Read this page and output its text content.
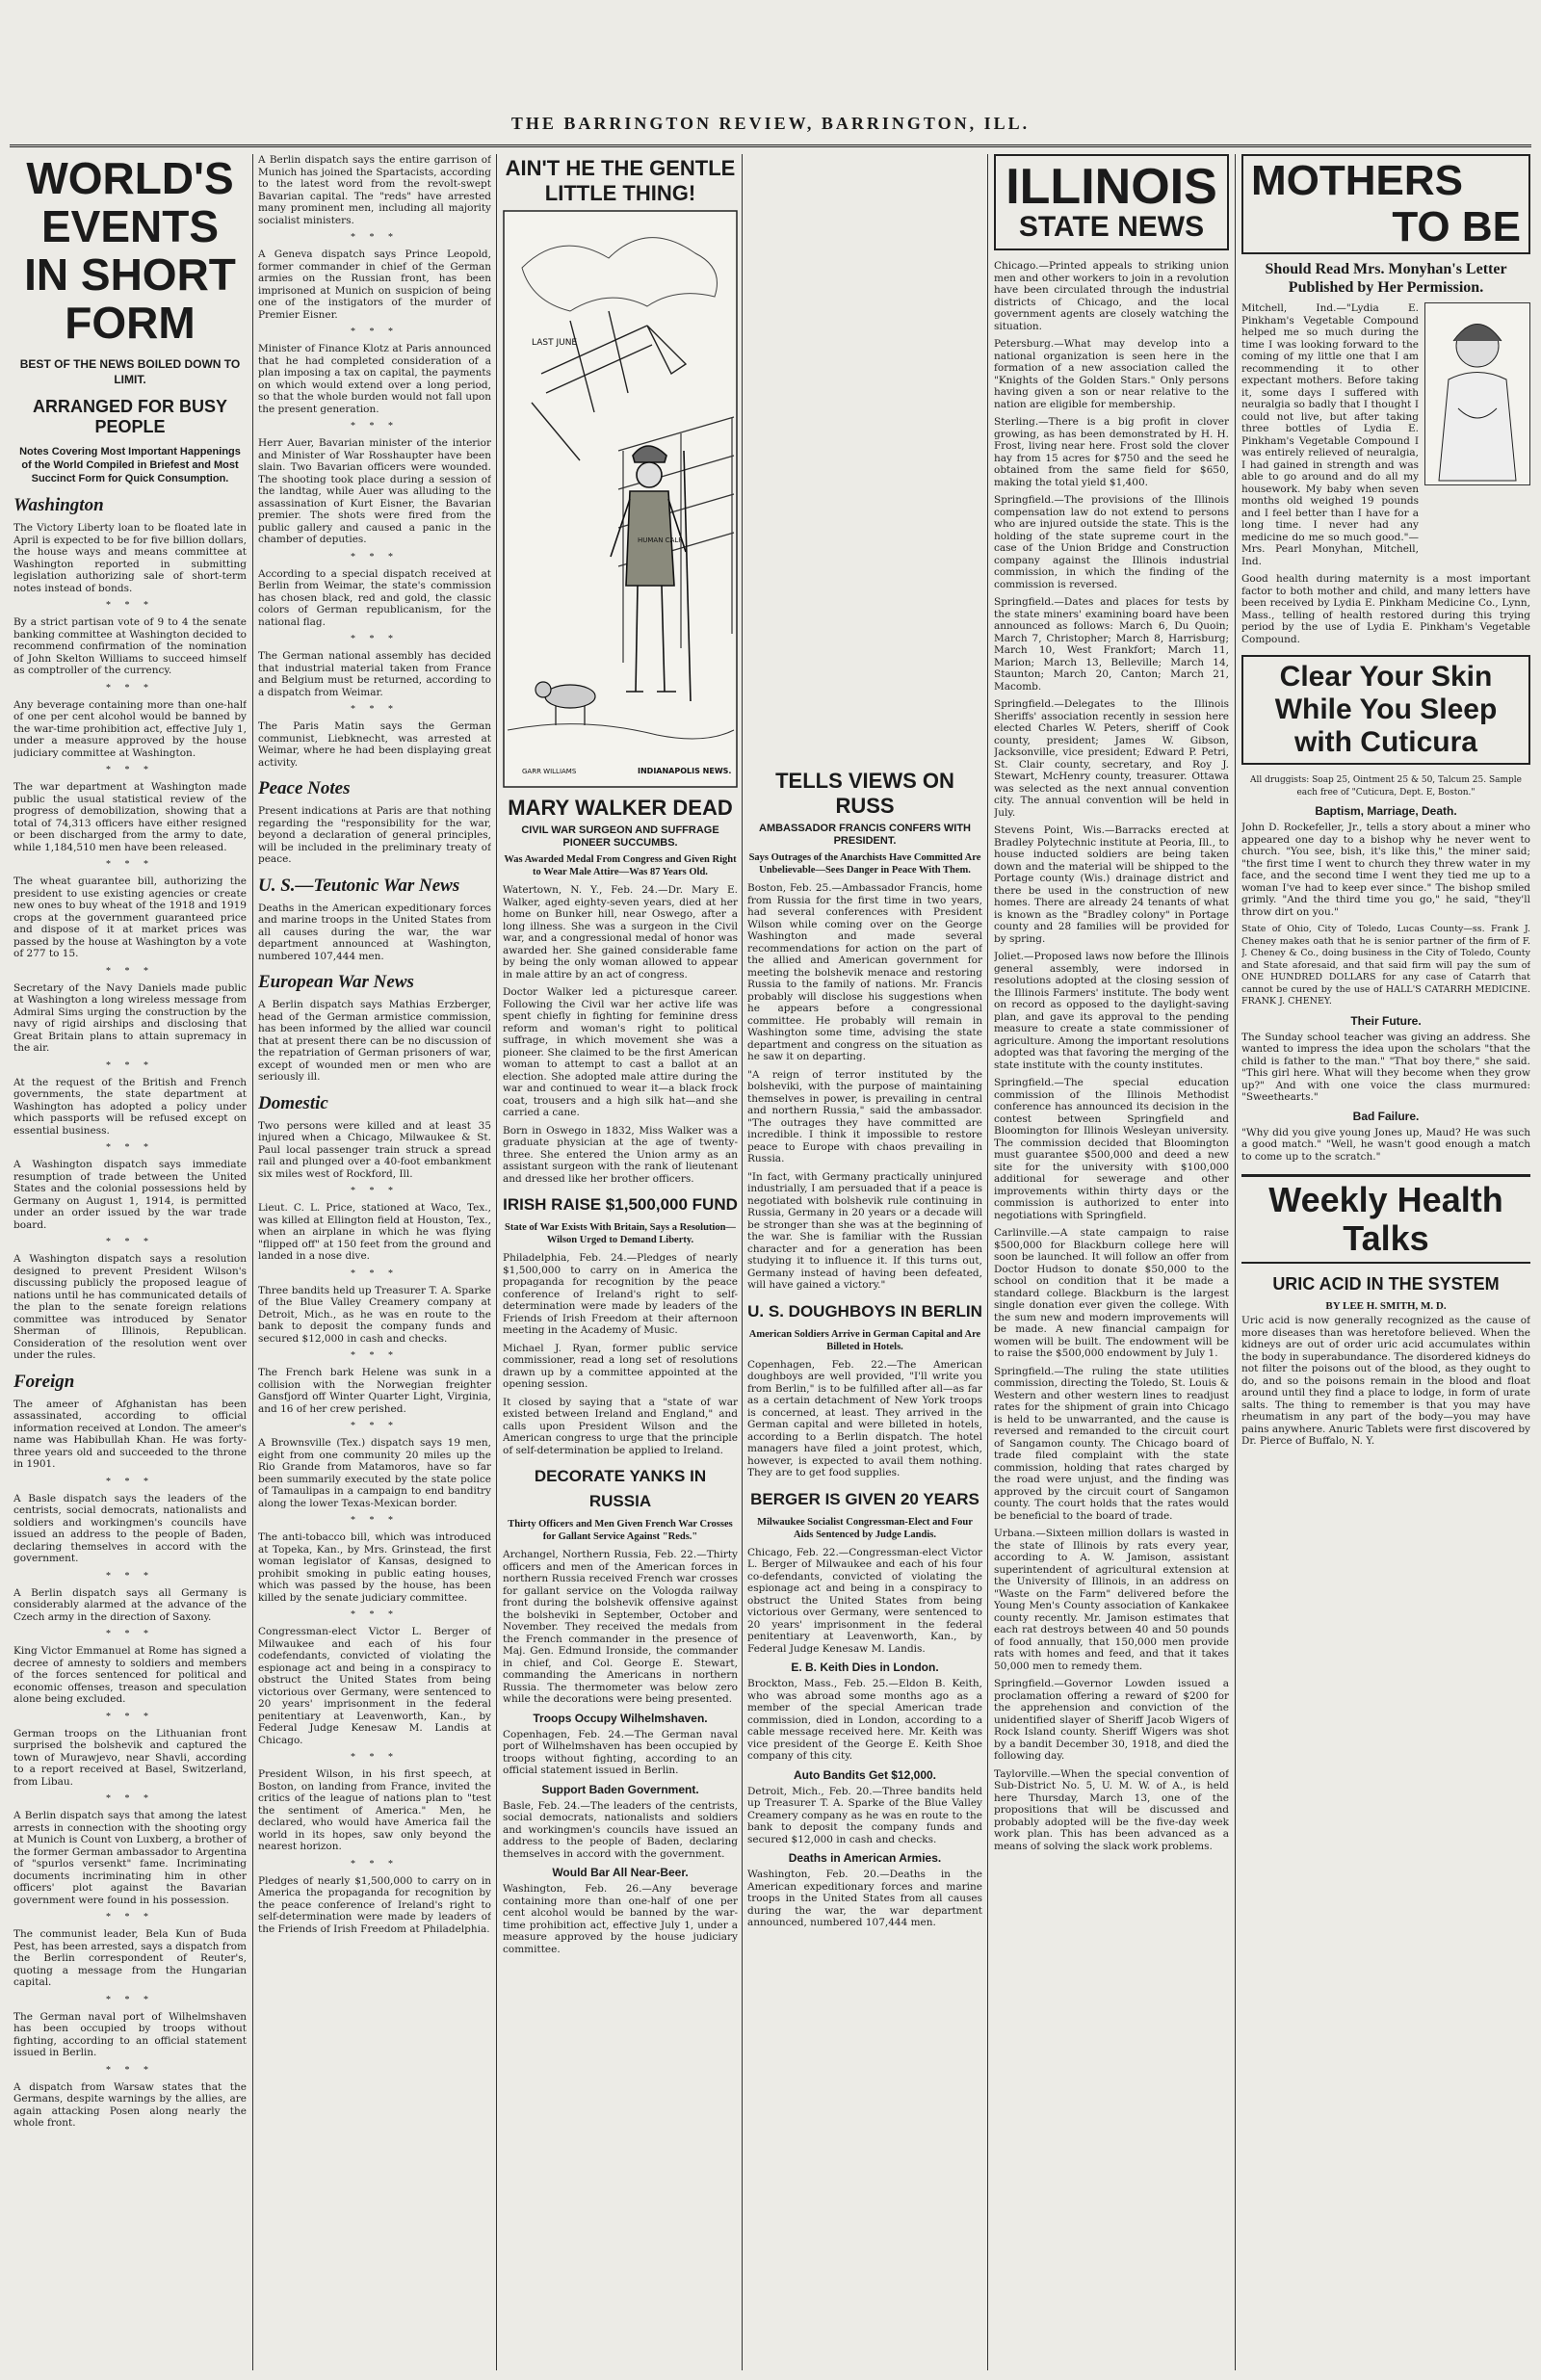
THE BARRINGTON REVIEW, BARRINGTON, ILL.
WORLD'S EVENTS
IN SHORT FORM
BEST OF THE NEWS BOILED DOWN TO LIMIT.
ARRANGED FOR BUSY PEOPLE
Notes Covering Most Important Happenings of the World Compiled in Briefest and Most Succinct Form for Quick Consumption.
Washington

The Victory Liberty loan to be floated late in April is expected to be for five billion dollars, the house ways and means committee at Washington reported in submitting legislation authorizing sale of short-term notes instead of bonds.

* * *

By a strict partisan vote of 9 to 4 the senate banking committee at Washington decided to recommend confirmation of the nomination of John Skelton Williams to succeed himself as comptroller of the currency.

* * *

Any beverage containing more than one-half of one per cent alcohol would be banned by the war-time prohibition act, effective July 1, under a measure approved by the house judiciary committee at Washington.

* * *

The war department at Washington made public the usual statistical review of the progress of demobilization, showing that a total of 74,313 officers have either resigned or been discharged from the army to date, while 1,184,510 men have been released.

* * *

The wheat guarantee bill, authorizing the president to use existing agencies or create new ones to buy wheat of the 1918 and 1919 crops at the government guaranteed price and dispose of it at market prices was passed by the house at Washington by a vote of 277 to 15.

* * *

Secretary of the Navy Daniels made public at Washington a long wireless message from Admiral Sims urging the construction by the navy of rigid airships and disclosing that Great Britain plans to attain supremacy in the air.

* * *

At the request of the British and French governments, the state department at Washington has adopted a policy under which passports will be refused except on essential business.

* * *

A Washington dispatch says immediate resumption of trade between the United States and the colonial possessions held by Germany on August 1, 1914, is permitted under an order issued by the war trade board.

* * *

A Washington dispatch says a resolution designed to prevent President Wilson's discussing publicly the proposed league of nations until he has communicated details of the plan to the senate foreign relations committee was introduced by Senator Sherman of Illinois, Republican. Consideration of the resolution went over under the rules.

Foreign

The ameer of Afghanistan has been assassinated, according to official information received at London. The ameer's name was Habibullah Khan. He was forty-three years old and succeeded to the throne in 1901.

* * *

A Basle dispatch says the leaders of the centrists, social democrats, nationalists and soldiers and workingmen's councils have issued an address to the people of Baden, declaring themselves in accord with the government.

* * *

A Berlin dispatch says all Germany is considerably alarmed at the advance of the Czech army in the direction of Saxony.

* * *

King Victor Emmanuel at Rome has signed a decree of amnesty to soldiers and members of the forces sentenced for political and economic offenses, treason and speculation alone being excluded.

* * *

German troops on the Lithuanian front surprised the bolshevik and captured the town of Murawjevo, near Shavli, according to a report received at Basel, Switzerland, from Libau.

* * *

A Berlin dispatch says that among the latest arrests in connection with the shooting orgy at Munich is Count von Luxberg, a brother of the former German ambassador to Argentina of "spurlos versenkt" fame. Incriminating documents incriminating him in other officers' plot against the Bavarian government were found in his possession.

* * *

The communist leader, Bela Kun of Buda Pest, has been arrested, says a dispatch from the Berlin correspondent of Reuter's, quoting a message from the Hungarian capital.

* * *

The German naval port of Wilhelmshaven has been occupied by troops without fighting, according to an official statement issued in Berlin.

* * *

A dispatch from Warsaw states that the Germans, despite warnings by the allies, are again attacking Posen along nearly the whole front.

A Berlin dispatch says the entire garrison of Munich has joined the Spartacists, according to the latest word from the revolt-swept Bavarian capital. The "reds" have arrested many prominent men, including all majority socialist ministers.

* * *

A Geneva dispatch says Prince Leopold, former commander in chief of the German armies on the Russian front, has been imprisoned at Munich on suspicion of being one of the instigators of the murder of Premier Eisner.

* * *

Minister of Finance Klotz at Paris announced that he had completed consideration of a plan imposing a tax on capital, the payments on which would extend over a long period, so that the whole burden would not fall upon the present generation.

* * *

Herr Auer, Bavarian minister of the interior and Minister of War Rosshaupter have been slain. Two Bavarian officers were wounded. The shooting took place during a session of the landtag, while Auer was alluding to the assassination of Kurt Eisner, the Bavarian premier. The shots were fired from the public gallery and caused a panic in the chamber of deputies.

* * *

According to a special dispatch received at Berlin from Weimar, the state's commission has chosen black, red and gold, the classic colors of German republicanism, for the national flag.

* * *

The German national assembly has decided that industrial material taken from France and Belgium must be returned, according to a dispatch from Weimar.

* * *

The Paris Matin says the German communist, Liebknecht, was arrested at Weimar, where he had been displaying great activity.

Peace Notes

Present indications at Paris are that nothing regarding the "responsibility for the war, beyond a declaration of general principles, will be included in the preliminary treaty of peace.

U. S.—Teutonic War News

Deaths in the American expeditionary forces and marine troops in the United States from all causes during the war, the war department announced at Washington, numbered 107,444 men.

European War News

A Berlin dispatch says Mathias Erzberger, head of the German armistice commission, has been informed by the allied war council that at present there can be no discussion of the repatriation of German prisoners of war, except of wounded men or men who are seriously ill.

Domestic

Two persons were killed and at least 35 injured when a Chicago, Milwaukee & St. Paul local passenger train struck a spread rail and plunged over a 40-foot embankment six miles west of Rockford, Ill.

* * *

Lieut. C. L. Price, stationed at Waco, Tex., was killed at Ellington field at Houston, Tex., when an airplane in which he was flying "flipped off" at 150 feet from the ground and landed in a nose dive.

* * *

Three bandits held up Treasurer T. A. Sparke of the Blue Valley Creamery company at Detroit, Mich., as he was en route to the bank to deposit the company funds and secured $12,000 in cash and checks.

* * *

The French bark Helene was sunk in a collision with the Norwegian freighter Gansfjord off Winter Quarter Light, Virginia, and 16 of her crew perished.

* * *

A Brownsville (Tex.) dispatch says 19 men, eight from one community 20 miles up the Rio Grande from Matamoros, have so far been summarily executed by the state police of Tamaulipas in a campaign to end banditry along the lower Texas-Mexican border.

* * *

The anti-tobacco bill, which was introduced at Topeka, Kan., by Mrs. Grinstead, the first woman legislator of Kansas, designed to prohibit smoking in public eating houses, which was passed by the house, has been killed by the senate judiciary committee.

* * *

Congressman-elect Victor L. Berger of Milwaukee and each of his four codefendants, convicted of violating the espionage act and being in a conspiracy to obstruct the United States from being victorious over Germany, were sentenced to 20 years' imprisonment in the federal penitentiary at Leavenworth, Kan., by Federal Judge Kenesaw M. Landis at Chicago.

* * *

President Wilson, in his first speech, at Boston, on landing from France, invited the critics of the league of nations plan to "test the sentiment of America." Men, he declared, who would have America fail the world in its hopes, saw only beyond the nearest horizon.

* * *

Pledges of nearly $1,500,000 to carry on in America the propaganda for recognition by the peace conference of Ireland's right to self-determination were made by leaders of the Friends of Irish Freedom at Philadelphia.

AIN'T HE THE GENTLE LITTLE THING!
LAST JUNE
HUMAN CALF
GARR WILLIAMS	INDIANAPOLIS NEWS.
MARY WALKER DEAD
CIVIL WAR SURGEON AND SUFFRAGE PIONEER SUCCUMBS.
Was Awarded Medal From Congress and Given Right to Wear Male Attire—Was 87 Years Old.

Watertown, N. Y., Feb. 24.—Dr. Mary E. Walker, aged eighty-seven years, died at her home on Bunker hill, near Oswego, after a long illness. She was a surgeon in the Civil war, and a congressional medal of honor was awarded her. She gained considerable fame by being the only woman allowed to appear in male attire by an act of congress.

Doctor Walker led a picturesque career. Following the Civil war her active life was spent chiefly in fighting for feminine dress reform and woman's right to political suffrage, in which movement she was a pioneer. She claimed to be the first American woman to attempt to cast a ballot at an election. She adopted male attire during the war and continued to wear it—a black frock coat, trousers and a high silk hat—and she carried a cane.

Born in Oswego in 1832, Miss Walker was a graduate physician at the age of twenty-three. She entered the Union army as an assistant surgeon with the rank of lieutenant and dressed like her brother officers.

IRISH RAISE $1,500,000 FUND
State of War Exists With Britain, Says a Resolution—Wilson Urged to Demand Liberty.

Philadelphia, Feb. 24.—Pledges of nearly $1,500,000 to carry on in America the propaganda for recognition by the peace conference of Ireland's right to self-determination were made by leaders of the Friends of Irish Freedom at their afternoon meeting in the Academy of Music.

Michael J. Ryan, former public service commissioner, read a long set of resolutions drawn up by a committee appointed at the opening session.

It closed by saying that a "state of war existed between Ireland and England," and calls upon President Wilson and the American congress to urge that the principle of self-determination be applied to Ireland.

DECORATE YANKS IN RUSSIA
Thirty Officers and Men Given French War Crosses for Gallant Service Against "Reds."

Archangel, Northern Russia, Feb. 22.—Thirty officers and men of the American forces in northern Russia received French war crosses for gallant service on the Vologda railway front during the bolshevik offensive against the bolsheviki in September, October and November. They received the medals from the French commander in the presence of Maj. Gen. Edmund Ironside, the commander in chief, and Col. George E. Stewart, commanding the Americans in northern Russia. The thermometer was below zero while the decorations were being presented.

Troops Occupy Wilhelmshaven.

Copenhagen, Feb. 24.—The German naval port of Wilhelmshaven has been occupied by troops without fighting, according to an official statement issued in Berlin.

Support Baden Government.

Basle, Feb. 24.—The leaders of the centrists, social democrats, nationalists and soldiers and workingmen's councils have issued an address to the people of Baden, declaring themselves in accord with the government.

Would Bar All Near-Beer.

Washington, Feb. 26.—Any beverage containing more than one-half of one per cent alcohol would be banned by the war-time prohibition act, effective July 1, under a measure approved by the house judiciary committee.

TELLS VIEWS ON RUSS
AMBASSADOR FRANCIS CONFERS WITH PRESIDENT.
Says Outrages of the Anarchists Have Committed Are Unbelievable—Sees Danger in Peace With Them.

Boston, Feb. 25.—Ambassador Francis, home from Russia for the first time in two years, had several conferences with President Wilson while coming over on the George Washington and made several recommendations for action on the part of the allied and American government for meeting the bolshevik menace and restoring Russia to the family of nations. Mr. Francis probably will disclose his suggestions when he appears before a congressional committee. He probably will remain in Washington some time, advising the state department and congress on the situation as he saw it on departing.

"A reign of terror instituted by the bolsheviki, with the purpose of maintaining themselves in power, is prevailing in central and northern Russia," said the ambassador. "The outrages they have committed are incredible. I think it impossible to restore peace to Europe with chaos prevailing in Russia.

"In fact, with Germany practically uninjured industrially, I am persuaded that if a peace is negotiated with bolshevik rule continuing in Russia, Germany in 20 years or a decade will be stronger than she was at the beginning of the war. She is familiar with the Russian character and for a generation has been studying it to influence it. If this turns out, Germany instead of having been defeated, will have gained a victory."

U. S. DOUGHBOYS IN BERLIN
American Soldiers Arrive in German Capital and Are Billeted in Hotels.

Copenhagen, Feb. 22.—The American doughboys are well provided, "I'll write you from Berlin," is to be fulfilled after all—as far as a certain detachment of New York troops is concerned, at least. They arrived in the German capital and were billeted in hotels, according to a Berlin dispatch. The hotel managers have filed a joint protest, which, however, is expected to avail them nothing. They are to get food supplies.

BERGER IS GIVEN 20 YEARS
Milwaukee Socialist Congressman-Elect and Four Aids Sentenced by Judge Landis.

Chicago, Feb. 22.—Congressman-elect Victor L. Berger of Milwaukee and each of his four co-defendants, convicted of violating the espionage act and being in a conspiracy to obstruct the United States from being victorious over Germany, were sentenced to 20 years' imprisonment in the federal penitentiary at Leavenworth, Kan., by Federal Judge Kenesaw M. Landis.

E. B. Keith Dies in London.

Brockton, Mass., Feb. 25.—Eldon B. Keith, who was abroad some months ago as a member of the special American trade commission, died in London, according to a cable message received here. Mr. Keith was vice president of the George E. Keith Shoe company of this city.

Auto Bandits Get $12,000.

Detroit, Mich., Feb. 20.—Three bandits held up Treasurer T. A. Sparke of the Blue Valley Creamery company as he was en route to the bank to deposit the company funds and secured $12,000 in cash and checks.

Deaths in American Armies.

Washington, Feb. 20.—Deaths in the American expeditionary forces and marine troops in the United States from all causes during the war, the war department announced, numbered 107,444 men.

ILLINOIS
STATE NEWS

Chicago.—Printed appeals to striking union men and other workers to join in a revolution have been circulated through the industrial districts of Chicago, and the local government agents are closely watching the situation.

Petersburg.—What may develop into a national organization is seen here in the formation of a new association called the "Knights of the Golden Stars." Only persons having given a son or near relative to the nation are eligible for membership.

Sterling.—There is a big profit in clover growing, as has been demonstrated by H. H. Frost, living near here. Frost sold the clover hay from 15 acres for $750 and the seed he obtained from the same field for $650, making the total yield $1,400.

Springfield.—The provisions of the Illinois compensation law do not extend to persons who are injured outside the state. This is the holding of the state supreme court in the case of the Union Bridge and Construction company against the Illinois industrial commission, in which the finding of the commission is reversed.

Springfield.—Dates and places for tests by the state miners' examining board have been announced as follows: March 6, Du Quoin; March 7, Christopher; March 8, Harrisburg; March 10, West Frankfort; March 11, Marion; March 13, Belleville; March 14, Staunton; March 20, Canton; March 21, Macomb.

Springfield.—Delegates to the Illinois Sheriffs' association recently in session here elected Charles W. Peters, sheriff of Cook county, president; James W. Gibson, Jacksonville, vice president; Edward P. Petri, St. Clair county, secretary, and Roy J. Stewart, McHenry county, treasurer. Ottawa was selected as the next annual convention city. The annual convention will be held in July.

Stevens Point, Wis.—Barracks erected at Bradley Polytechnic institute at Peoria, Ill., to house inducted soldiers are being taken down and the material will be shipped to the Portage county (Wis.) drainage district and there be used in the construction of new homes. There are already 24 tenants of what is known as the "Bradley colony" in Portage county and 28 families will be provided for by spring.

Joliet.—Proposed laws now before the Illinois general assembly, were indorsed in resolutions adopted at the closing session of the Illinois Farmers' institute. The body went on record as opposed to the daylight-saving plan, and gave its approval to the pending measure to create a state commissioner of agriculture. Among the important resolutions adopted was that favoring the merging of the state institute with the county institutes.

Springfield.—The special education commission of the Illinois Methodist conference has announced its decision in the contest between Springfield and Bloomington for Illinois Wesleyan university. The commission decided that Bloomington must guarantee $500,000 and deed a new site for the university with $100,000 additional for sewerage and other improvements within thirty days or the commission is authorized to enter into negotiations with Springfield.

Carlinville.—A state campaign to raise $500,000 for Blackburn college here will soon be launched. It will follow an offer from Doctor Hudson to donate $50,000 to the school on condition that it be made a standard college. Blackburn is the largest single donation ever given the college. With the sum new and modern improvements will be made. A new financial campaign for women will be built. The endowment will be to raise the $500,000 endowment by July 1.

Springfield.—The ruling the state utilities commission, directing the Toledo, St. Louis & Western and other western lines to readjust rates for the shipment of grain into Chicago is held to be unwarranted, and the cause is reversed and remanded to the circuit court of Sangamon county. The Chicago board of trade filed complaint with the state commission, holding that rates charged by the road were unjust, and the finding was approved by the circuit court of Sangamon county. The court holds that the rates would be beneficial to the board of trade.

Urbana.—Sixteen million dollars is wasted in the state of Illinois by rats every year, according to A. W. Jamison, assistant superintendent of agricultural extension at the University of Illinois, in an address on "Waste on the Farm" delivered before the Young Men's County association of Kankakee county recently. Mr. Jamison estimates that each rat destroys between 40 and 50 pounds of food annually, that 150,000 men provide rats with homes and feed, and that it takes 50,000 men to remedy them.

Springfield.—Governor Lowden issued a proclamation offering a reward of $200 for the apprehension and conviction of the unidentified slayer of Sheriff Jacob Wigers of Rock Island county. Sheriff Wigers was shot by a bandit December 30, 1918, and died the following day.

Taylorville.—When the special convention of Sub-District No. 5, U. M. W. of A., is held here Thursday, March 13, one of the propositions that will be discussed and probably adopted will be the five-day week work plan. This has been advanced as a means of solving the slack work problems.

MOTHERS
TO BE
Should Read Mrs. Monyhan's Letter Published by Her Permission.

Mitchell, Ind.—"Lydia E. Pinkham's Vegetable Compound helped me so much during the time I was looking forward to the coming of my little one that I am recommending it to other expectant mothers. Before taking it, some days I suffered with neuralgia so badly that I thought I could not live, but after taking three bottles of Lydia E. Pinkham's Vegetable Compound I was entirely relieved of neuralgia, I had gained in strength and was able to go around and do all my housework. My baby when seven months old weighed 19 pounds and I feel better than I have for a long time. I never had any medicine do me so much good."—Mrs. Pearl Monyhan, Mitchell, Ind.

Good health during maternity is a most important factor to both mother and child, and many letters have been received by Lydia E. Pinkham Medicine Co., Lynn, Mass., telling of health restored during this trying period by the use of Lydia E. Pinkham's Vegetable Compound.

Clear Your Skin While You Sleep with Cuticura

All druggists: Soap 25, Ointment 25 & 50, Talcum 25. Sample each free of "Cuticura, Dept. E, Boston."

Baptism, Marriage, Death.

John D. Rockefeller, Jr., tells a story about a miner who appeared one day to a bishop why he never went to church. "You see, bish, it's like this," the miner said; "the first time I went to church they threw water in my face, and the second time I went they tied me up to a woman I've had to keep ever since." The bishop smiled grimly. "And the third time you go," he said, "they'll throw dirt on you."

State of Ohio, City of Toledo, Lucas County—ss. Frank J. Cheney makes oath that he is senior partner of the firm of F. J. Cheney & Co., doing business in the City of Toledo, County and State aforesaid, and that said firm will pay the sum of ONE HUNDRED DOLLARS for any case of Catarrh that cannot be cured by the use of HALL'S CATARRH MEDICINE. FRANK J. CHENEY.

Their Future.

The Sunday school teacher was giving an address. She wanted to impress the idea upon the scholars "that the child is father to the man." "That boy there," she said. "This girl here. What will they become when they grow up?" And with one voice the class murmured: "Sweethearts."

Bad Failure.

"Why did you give young Jones up, Maud? He was such a good match." "Well, he wasn't good enough a match to come up to the scratch."

Weekly Health Talks
URIC ACID IN THE SYSTEM
BY LEE H. SMITH, M. D.

Uric acid is now generally recognized as the cause of more diseases than was heretofore believed. When the kidneys are out of order uric acid accumulates within the body in superabundance. The disordered kidneys do not filter the poisons out of the blood, as they ought to do, and so the poisons remain in the blood and float around until they find a place to lodge, in form of urate salts. The thing to remember is that you may have rheumatism in any part of the body—you may have pains anywhere. Anuric Tablets were first discovered by Dr. Pierce of Buffalo, N. Y.
